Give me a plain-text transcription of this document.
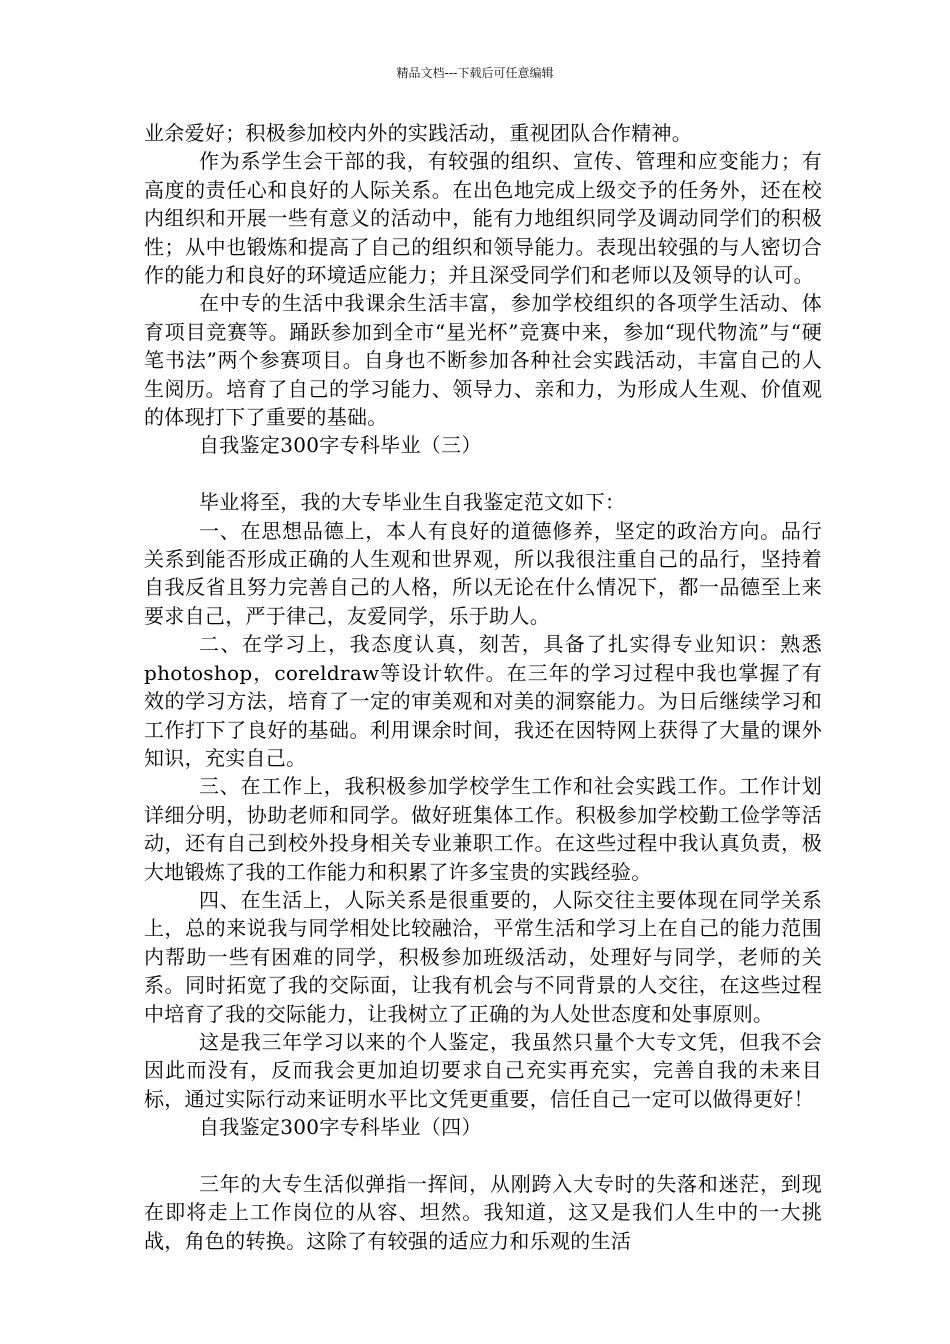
精品文档---下载后可任意编辑

业余爱好；积极参加校内外的实践活动，重视团队合作精神。

作为系学生会干部的我，有较强的组织、宣传、管理和应变能力；有高度的责任心和良好的人际关系。在出色地完成上级交予的任务外，还在校内组织和开展一些有意义的活动中，能有力地组织同学及调动同学们的积极性；从中也锻炼和提高了自己的组织和领导能力。表现出较强的与人密切合作的能力和良好的环境适应能力；并且深受同学们和老师以及领导的认可。

在中专的生活中我课余生活丰富，参加学校组织的各项学生活动、体育项目竞赛等。踊跃参加到全市“星光杯”竞赛中来，参加“现代物流”与“硬笔书法”两个参赛项目。自身也不断参加各种社会实践活动，丰富自己的人生阅历。培育了自己的学习能力、领导力、亲和力，为形成人生观、价值观的体现打下了重要的基础。

自我鉴定300字专科毕业（三）

毕业将至，我的大专毕业生自我鉴定范文如下：

一、在思想品德上，本人有良好的道德修养，坚定的政治方向。品行关系到能否形成正确的人生观和世界观，所以我很注重自己的品行，坚持着自我反省且努力完善自己的人格，所以无论在什么情况下，都一品德至上来要求自己，严于律己，友爱同学，乐于助人。

二、在学习上，我态度认真，刻苦，具备了扎实得专业知识：熟悉photoshop，coreldraw等设计软件。在三年的学习过程中我也掌握了有效的学习方法，培育了一定的审美观和对美的洞察能力。为日后继续学习和工作打下了良好的基础。利用课余时间，我还在因特网上获得了大量的课外知识，充实自己。

三、在工作上，我积极参加学校学生工作和社会实践工作。工作计划详细分明，协助老师和同学。做好班集体工作。积极参加学校勤工俭学等活动，还有自己到校外投身相关专业兼职工作。在这些过程中我认真负责，极大地锻炼了我的工作能力和积累了许多宝贵的实践经验。

四、在生活上，人际关系是很重要的，人际交往主要体现在同学关系上，总的来说我与同学相处比较融洽，平常生活和学习上在自己的能力范围内帮助一些有困难的同学，积极参加班级活动，处理好与同学，老师的关系。同时拓宽了我的交际面，让我有机会与不同背景的人交往，在这些过程中培育了我的交际能力，让我树立了正确的为人处世态度和处事原则。

这是我三年学习以来的个人鉴定，我虽然只量个大专文凭，但我不会因此而没有，反而我会更加迫切要求自己充实再充实，完善自我的未来目标，通过实际行动来证明水平比文凭更重要，信任自己一定可以做得更好！

自我鉴定300字专科毕业（四）

三年的大专生活似弹指一挥间，从刚跨入大专时的失落和迷茫，到现在即将走上工作岗位的从容、坦然。我知道，这又是我们人生中的一大挑战，角色的转换。这除了有较强的适应力和乐观的生活
